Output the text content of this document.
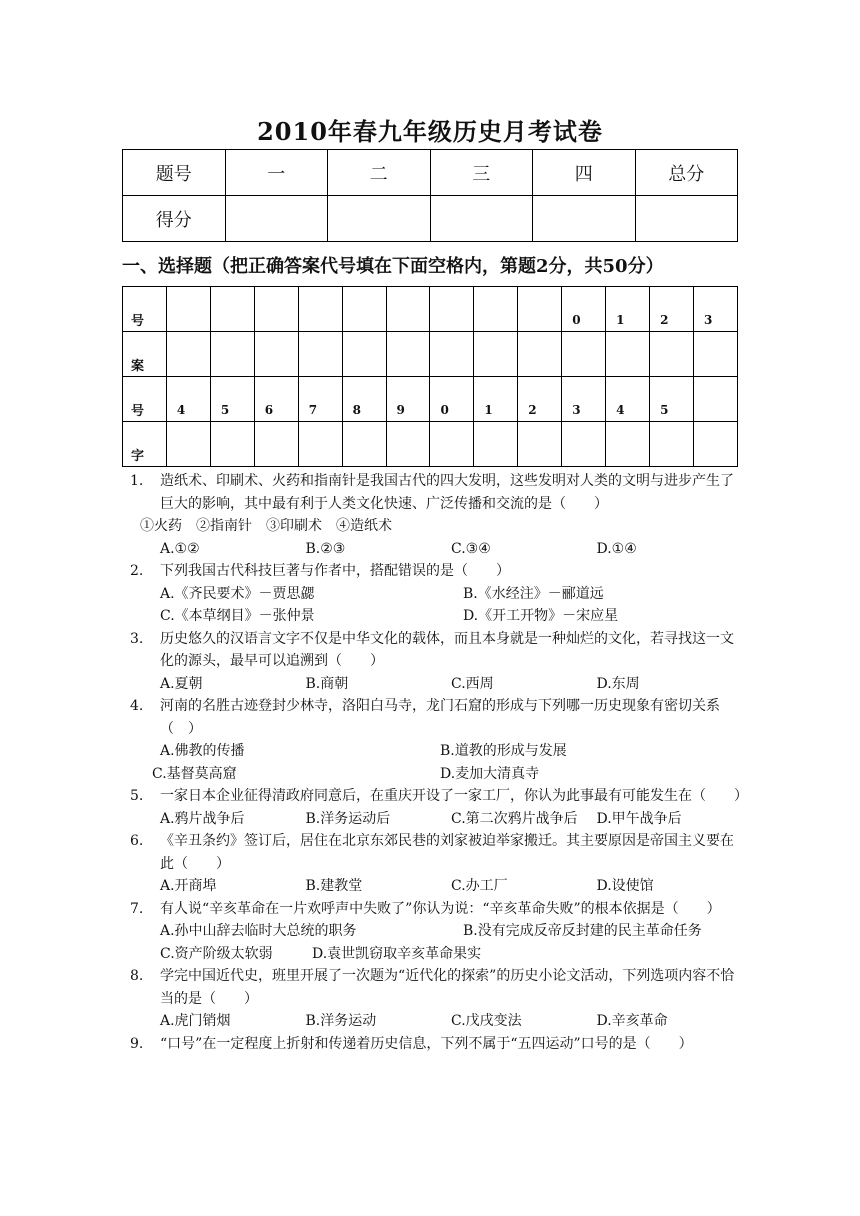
2010年春九年级历史月考试卷
题号	一	二	三	四	总分
得分					
一、选择题（把正确答案代号填在下面空格内，第题2分，共50分）
号										0	1	2	3
案													
号	4	5	6	7	8	9	0	1	2	3	4	5	
字													
1. 造纸术、印刷术、火药和指南针是我国古代的四大发明，这些发明对人类的文明与进步产生了巨大的影响，其中最有利于人类文化快速、广泛传播和交流的是（　　）
①火药　②指南针　③印刷术　④造纸术
A.①②	B.②③	C.③④	D.①④
2. 下列我国古代科技巨著与作者中，搭配错误的是（　　）
A.《齐民要术》－贾思勰	B.《水经注》－郦道远
C.《本草纲目》－张仲景	D.《开工开物》－宋应星
3. 历史悠久的汉语言文字不仅是中华文化的载体，而且本身就是一种灿烂的文化，若寻找这一文化的源头，最早可以追溯到（　　）
A.夏朝	B.商朝	C.西周	D.东周
4. 河南的名胜古迹登封少林寺，洛阳白马寺，龙门石窟的形成与下列哪一历史现象有密切关系（　）
A.佛教的传播	B.道教的形成与发展
C.基督莫高窟	D.麦加大清真寺
5. 一家日本企业征得清政府同意后，在重庆开设了一家工厂，你认为此事最有可能发生在（　　）
A.鸦片战争后	B.洋务运动后	C.第二次鸦片战争后	D.甲午战争后
6. 《辛丑条约》签订后，居住在北京东郊民巷的刘家被迫举家搬迁。其主要原因是帝国主义要在此（　　）
A.开商埠	B.建教堂	C.办工厂	D.设使馆
7. 有人说“辛亥革命在一片欢呼声中失败了”你认为说：“辛亥革命失败”的根本依据是（　　）
A.孙中山辞去临时大总统的职务	B.没有完成反帝反封建的民主革命任务
C.资产阶级太软弱	D.袁世凯窃取辛亥革命果实
8. 学完中国近代史，班里开展了一次题为“近代化的探索”的历史小论文活动，下列选项内容不恰当的是（　　）
A.虎门销烟	B.洋务运动	C.戊戌变法	D.辛亥革命
9. “口号”在一定程度上折射和传递着历史信息，下列不属于“五四运动”口号的是（　　）
